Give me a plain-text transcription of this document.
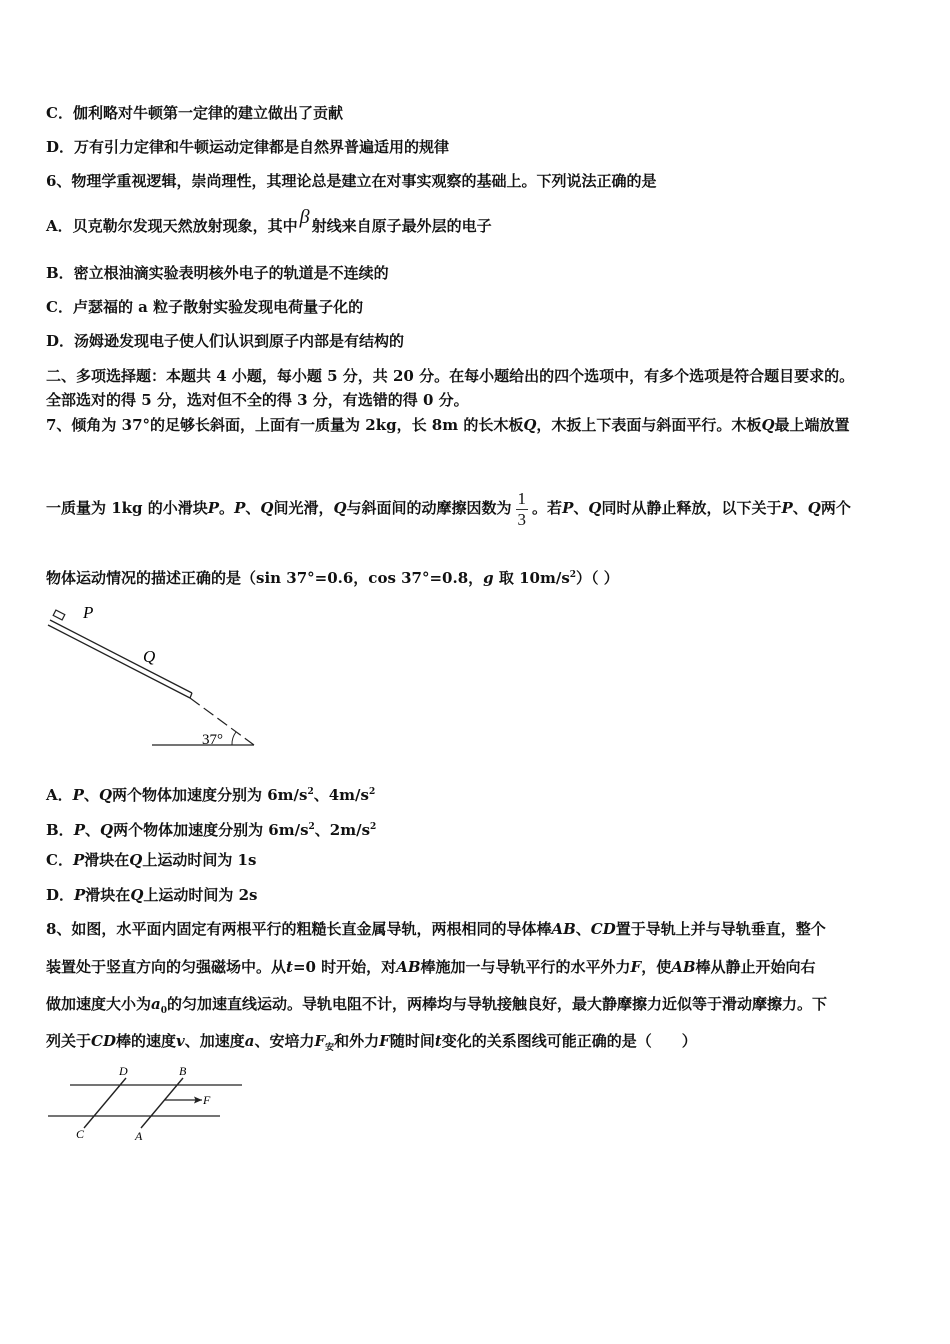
C．伽利略对牛顿第一定律的建立做出了贡献
D．万有引力定律和牛顿运动定律都是自然界普遍适用的规律
6、物理学重视逻辑，崇尚理性，其理论总是建立在对事实观察的基础上。下列说法正确的是
A．贝克勒尔发现天然放射现象，其中 β 射线来自原子最外层的电子
B．密立根油滴实验表明核外电子的轨道是不连续的
C．卢瑟福的 a 粒子散射实验发现电荷量子化的
D．汤姆逊发现电子使人们认识到原子内部是有结构的
二、多项选择题：本题共 4 小题，每小题 5 分，共 20 分。在每小题给出的四个选项中，有多个选项是符合题目要求的。
全部选对的得 5 分，选对但不全的得 3 分，有选错的得 0 分。
7、倾角为 37°的足够长斜面，上面有一质量为 2kg，长 8m 的长木板Q，木扳上下表面与斜面平行。木板Q最上端放置
一质量为 1kg 的小滑块P。P、Q间光滑，Q与斜面间的动摩擦因数为 $\frac{1}{3}$ 。若P、Q同时从静止释放，以下关于P、Q两个
物体运动情况的描述正确的是（sin 37°=0.6，cos 37°=0.8，g 取 $10m/s^2$）（ ）
P
Q
37°
A．P、Q两个物体加速度分别为 $6m/s^2$、$4m/s^2$
B．P、Q两个物体加速度分别为 $6m/s^2$、$2m/s^2$
C．P滑块在Q上运动时间为 1s
D．P滑块在Q上运动时间为 2s
8、如图，水平面内固定有两根平行的粗糙长直金属导轨，两根相同的导体棒AB、CD置于导轨上并与导轨垂直，整个
装置处于竖直方向的匀强磁场中。从t=0 时开始，对AB棒施加一与导轨平行的水平外力F，使AB棒从静止开始向右
做加速度大小为$a_0$的匀加速直线运动。导轨电阻不计，两棒均与导轨接触良好，最大静摩擦力近似等于滑动摩擦力。下
列关于CD棒的速度v、加速度a、安培力$F_安$和外力F随时间t变化的关系图线可能正确的是（　　）
D	B
F
C	A
